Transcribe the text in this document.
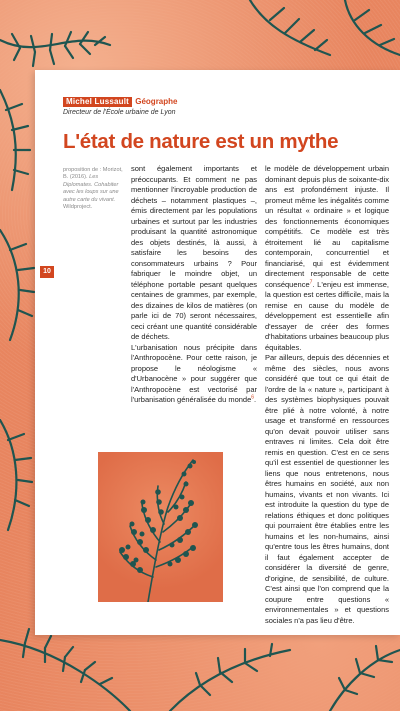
Michel Lussault Géographe
Directeur de l'École urbaine de Lyon
L'état de nature est un mythe
proposition de : Morizot, B. (2016). Les Diplomates. Cohabiter avec les loups sur une autre carte du vivant. Wildproject.
10

sont également importants et préoccupants. Et comment ne pas mentionner l'incroyable production de déchets – notamment plastiques –, émis directement par les populations urbaines et surtout par les industries produisant la quantité astronomique des objets destinés, là aussi, à satisfaire les besoins des consommateurs urbains ? Pour fabriquer le moindre objet, un téléphone portable pesant quelques centaines de grammes, par exemple, des dizaines de kilos de matières (on parle ici de 70) seront nécessaires, ceci créant une quantité considérable de déchets.

L'urbanisation nous précipite dans l'Anthropocène. Pour cette raison, je propose le néologisme « d'Urbanocène » pour suggérer que l'Anthropocène est vectorisé par l'urbanisation généralisée du monde$^6$.

le modèle de développement urbain dominant depuis plus de soixante-dix ans est profondément injuste. Il promeut même les inégalités comme un résultat « ordinaire » et logique des fonctionnements économiques compétitifs. Ce modèle est très étroitement lié au capitalisme contemporain, concurrentiel et financiarisé, qui est évidemment directement responsable de cette conséquence$^7$. L'enjeu est immense, la question est certes difficile, mais la remise en cause du modèle de développement est essentielle afin d'essayer de créer des formes d'habitations urbaines beaucoup plus équitables.

Par ailleurs, depuis des décennies et même des siècles, nous avons considéré que tout ce qui était de l'ordre de la « nature », participant à des systèmes biophysiques pouvait être plié à notre volonté, à notre usage et transformé en ressources qu'on devait pouvoir utiliser sans entraves ni limites. Cela doit être remis en question. C'est en ce sens qu'il est essentiel de questionner les liens que nous entretenons, nous êtres humains en société, aux non humains, vivants et non vivants. Ici est introduite la question du type de relations éthiques et donc politiques qui pourraient être établies entre les humains et les non-humains, ainsi qu'entre tous les êtres humains, dont il faut également accepter de considérer la diversité de genre, d'origine, de sensibilité, de culture. C'est ainsi que l'on comprend que la coupure entre questions « environnementales » et questions sociales n'a pas lieu d'être.
